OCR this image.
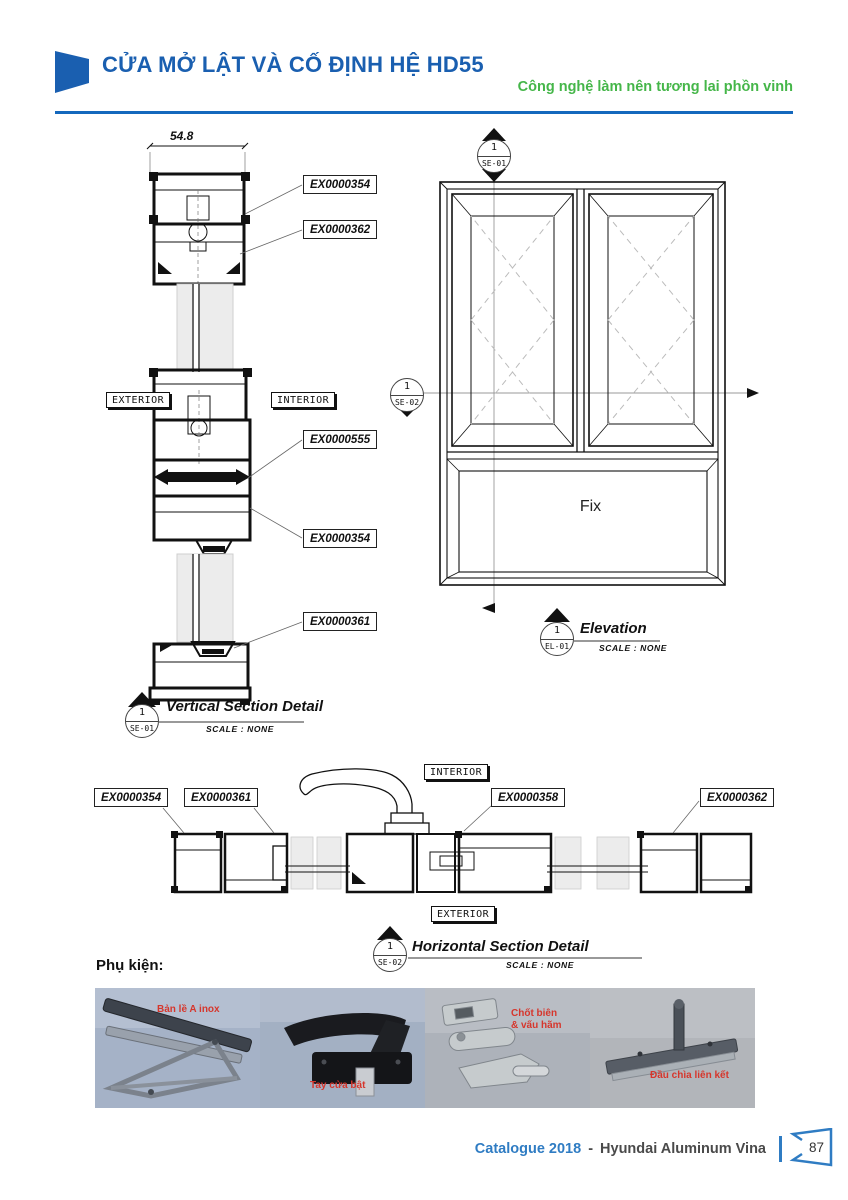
CỬA MỞ LẬT VÀ CỐ ĐỊNH HỆ HD55
Công nghệ làm nên tương lai phồn vinh
54.8
EX0000354
EX0000362
EXTERIOR	INTERIOR
EX0000555
EX0000354
EX0000361
1
SE-01
Vertical Section Detail
SCALE : NONE
1
SE-01
1
SE-02
Fix
1
EL-01
Elevation
SCALE : NONE
INTERIOR
EX0000354	EX0000361	EX0000358	EX0000362
EXTERIOR
1
SE-02
Horizontal Section Detail
SCALE : NONE
Phụ kiện:
Bản lề A inox
Tay cửa bật
Chốt biên
& vấu hãm
Đầu chìa liên kết
Catalogue 2018 - Hyundai Aluminum Vina	87
